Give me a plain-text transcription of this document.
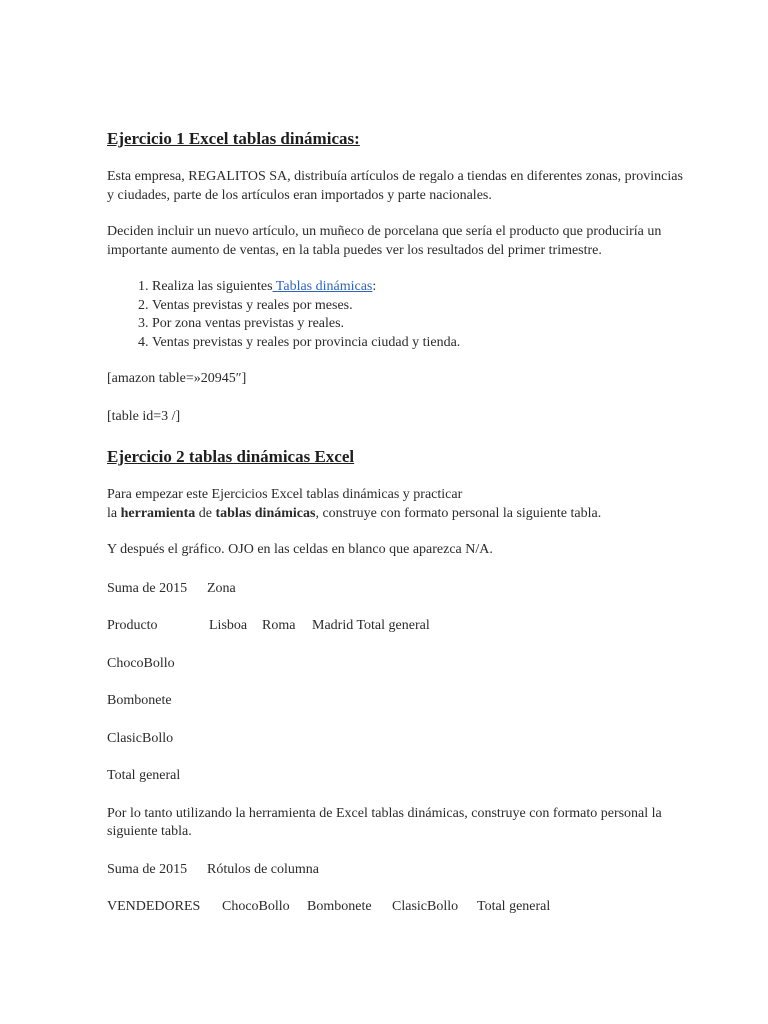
Ejercicio 1 Excel tablas dinámicas:

Esta empresa, REGALITOS SA, distribuía artículos de regalo a tiendas en diferentes zonas, provincias y ciudades, parte de los artículos eran importados y parte nacionales.

Deciden incluir un nuevo artículo, un muñeco de porcelana que sería el producto que produciría un importante aumento de ventas, en la tabla puedes ver los resultados del primer trimestre.

1. Realiza las siguientes Tablas dinámicas:
2. Ventas previstas y reales por meses.
3. Por zona ventas previstas y reales.
4. Ventas previstas y reales por provincia ciudad y tienda.

[amazon table=»20945″]

[table id=3 /]

Ejercicio 2 tablas dinámicas Excel

Para empezar este Ejercicios Excel tablas dinámicas y practicar
la herramienta de tablas dinámicas, construye con formato personal la siguiente tabla.

Y después el gráfico. OJO en las celdas en blanco que aparezca N/A.

Suma de 2015 Zona

Producto	Lisboa Roma Madrid Total general

ChocoBollo

Bombonete

ClasicBollo

Total general

Por lo tanto utilizando la herramienta de Excel tablas dinámicas, construye con formato personal la siguiente tabla.

Suma de 2015 Rótulos de columna

VENDEDORES ChocoBollo Bombonete ClasicBollo Total general
